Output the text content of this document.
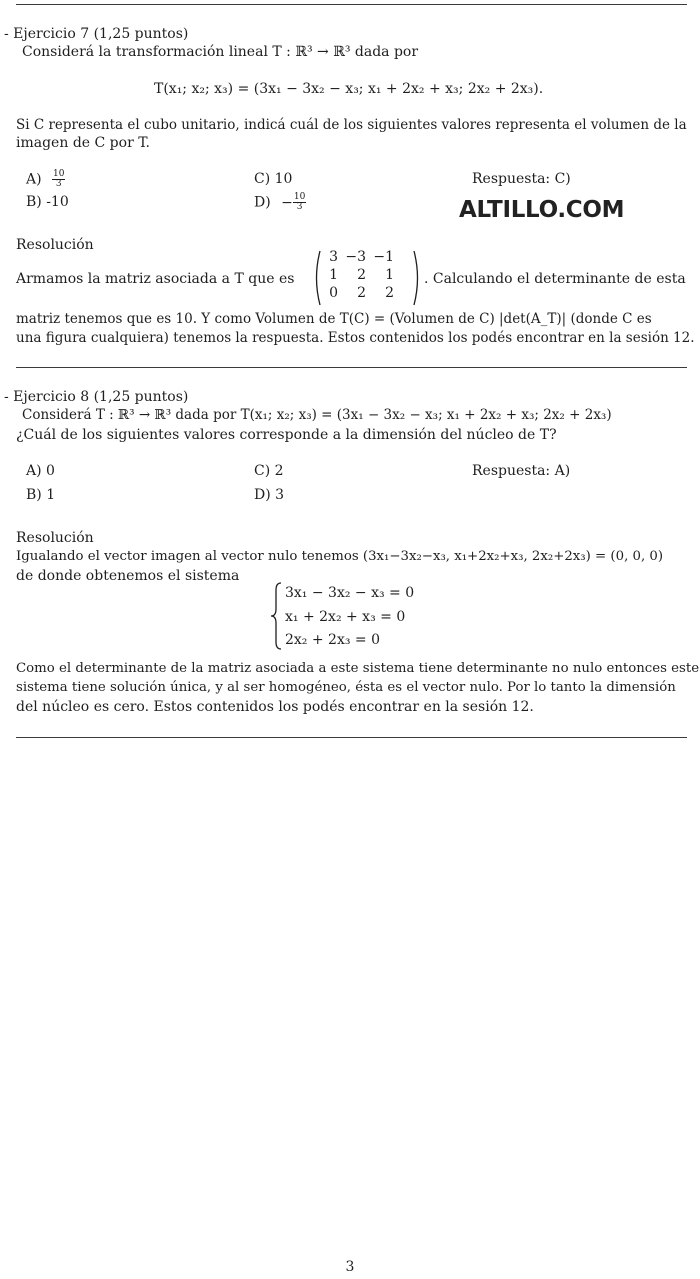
- Ejercicio 7 (1,25 puntos)
Considerá la transformación lineal T : ℝ³ → ℝ³ dada por
T(x₁; x₂; x₃) = (3x₁ − 3x₂ − x₃; x₁ + 2x₂ + x₃; 2x₂ + 2x₃).
Si C representa el cubo unitario, indicá cuál de los siguientes valores representa el volumen de la
imagen de C por T.
$A) \frac{10}{3}$
B) -10
C) 10
$D) - \frac{10}{3}$
Respuesta: C)
ALTILLO.COM
Resolución
Armamos la matriz asociada a T que es
3 −3 −1
1	2	1
0	2	2
. Calculando el determinante de esta
matriz tenemos que es 10. Y como Volumen de T(C) = (Volumen de C) |det(A_T)| (donde C es
una figura cualquiera) tenemos la respuesta. Estos contenidos los podés encontrar en la sesión 12.
- Ejercicio 8 (1,25 puntos)
Considerá T : ℝ³ → ℝ³ dada por T(x₁; x₂; x₃) = (3x₁ − 3x₂ − x₃; x₁ + 2x₂ + x₃; 2x₂ + 2x₃)
¿Cuál de los siguientes valores corresponde a la dimensión del núcleo de T?
A) 0
B) 1
C) 2
D) 3
Respuesta: A)
Resolución
Igualando el vector imagen al vector nulo tenemos (3x₁−3x₂−x₃, x₁+2x₂+x₃, 2x₂+2x₃) = (0, 0, 0)
de donde obtenemos el sistema
3x₁ − 3x₂ − x₃ = 0
x₁ + 2x₂ + x₃ = 0
2x₂ + 2x₃ = 0
Como el determinante de la matriz asociada a este sistema tiene determinante no nulo entonces este
sistema tiene solución única, y al ser homogéneo, ésta es el vector nulo. Por lo tanto la dimensión
del núcleo es cero. Estos contenidos los podés encontrar en la sesión 12.
3
